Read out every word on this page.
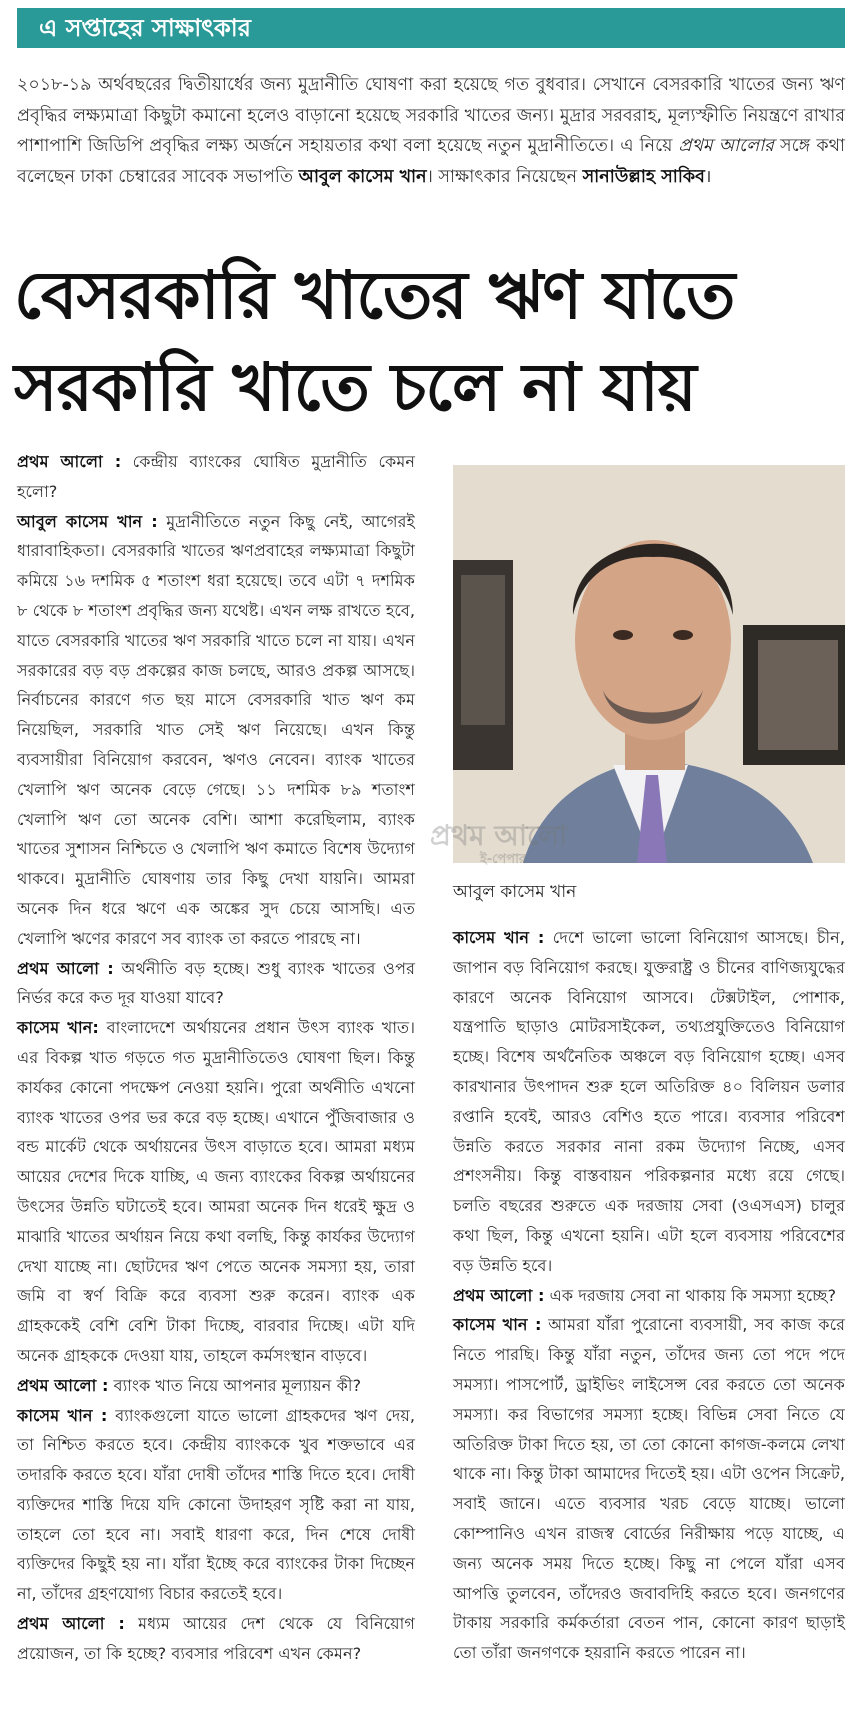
এ সপ্তাহের সাক্ষাৎকার
২০১৮-১৯ অর্থবছরের দ্বিতীয়ার্ধের জন্য মুদ্রানীতি ঘোষণা করা হয়েছে গত বুধবার। সেখানে বেসরকারি খাতের জন্য ঋণ প্রবৃদ্ধির লক্ষ্যমাত্রা কিছুটা কমানো হলেও বাড়ানো হয়েছে সরকারি খাতের জন্য। মুদ্রার সরবরাহ, মূল্যস্ফীতি নিয়ন্ত্রণে রাখার পাশাপাশি জিডিপি প্রবৃদ্ধির লক্ষ্য অর্জনে সহায়তার কথা বলা হয়েছে নতুন মুদ্রানীতিতে। এ নিয়ে প্রথম আলোর সঙ্গে কথা বলেছেন ঢাকা চেম্বারের সাবেক সভাপতি আবুল কাসেম খান। সাক্ষাৎকার নিয়েছেন সানাউল্লাহ সাকিব।
বেসরকারি খাতের ঋণ যাতে
সরকারি খাতে চলে না যায়

প্রথম আলো : কেন্দ্রীয় ব্যাংকের ঘোষিত মুদ্রানীতি কেমন হলো?

আবুল কাসেম খান : মুদ্রানীতিতে নতুন কিছু নেই, আগেরই ধারাবাহিকতা। বেসরকারি খাতের ঋণপ্রবাহের লক্ষ্যমাত্রা কিছুটা কমিয়ে ১৬ দশমিক ৫ শতাংশ ধরা হয়েছে। তবে এটা ৭ দশমিক ৮ থেকে ৮ শতাংশ প্রবৃদ্ধির জন্য যথেষ্ট। এখন লক্ষ রাখতে হবে, যাতে বেসরকারি খাতের ঋণ সরকারি খাতে চলে না যায়। এখন সরকারের বড় বড় প্রকল্পের কাজ চলছে, আরও প্রকল্প আসছে। নির্বাচনের কারণে গত ছয় মাসে বেসরকারি খাত ঋণ কম নিয়েছিল, সরকারি খাত সেই ঋণ নিয়েছে। এখন কিন্তু ব্যবসায়ীরা বিনিয়োগ করবেন, ঋণও নেবেন। ব্যাংক খাতের খেলাপি ঋণ অনেক বেড়ে গেছে। ১১ দশমিক ৮৯ শতাংশ খেলাপি ঋণ তো অনেক বেশি। আশা করেছিলাম, ব্যাংক খাতের সুশাসন নিশ্চিতে ও খেলাপি ঋণ কমাতে বিশেষ উদ্যোগ থাকবে। মুদ্রানীতি ঘোষণায় তার কিছু দেখা যায়নি। আমরা অনেক দিন ধরে ঋণে এক অঙ্কের সুদ চেয়ে আসছি। এত খেলাপি ঋণের কারণে সব ব্যাংক তা করতে পারছে না।

প্রথম আলো : অর্থনীতি বড় হচ্ছে। শুধু ব্যাংক খাতের ওপর নির্ভর করে কত দূর যাওয়া যাবে?

কাসেম খান: বাংলাদেশে অর্থায়নের প্রধান উৎস ব্যাংক খাত। এর বিকল্প খাত গড়তে গত মুদ্রানীতিতেও ঘোষণা ছিল। কিন্তু কার্যকর কোনো পদক্ষেপ নেওয়া হয়নি। পুরো অর্থনীতি এখনো ব্যাংক খাতের ওপর ভর করে বড় হচ্ছে। এখানে পুঁজিবাজার ও বন্ড মার্কেট থেকে অর্থায়নের উৎস বাড়াতে হবে। আমরা মধ্যম আয়ের দেশের দিকে যাচ্ছি, এ জন্য ব্যাংকের বিকল্প অর্থায়নের উৎসের উন্নতি ঘটাতেই হবে। আমরা অনেক দিন ধরেই ক্ষুদ্র ও মাঝারি খাতের অর্থায়ন নিয়ে কথা বলছি, কিন্তু কার্যকর উদ্যোগ দেখা যাচ্ছে না। ছোটদের ঋণ পেতে অনেক সমস্যা হয়, তারা জমি বা স্বর্ণ বিক্রি করে ব্যবসা শুরু করেন। ব্যাংক এক গ্রাহককেই বেশি বেশি টাকা দিচ্ছে, বারবার দিচ্ছে। এটা যদি অনেক গ্রাহককে দেওয়া যায়, তাহলে কর্মসংস্থান বাড়বে।

প্রথম আলো : ব্যাংক খাত নিয়ে আপনার মূল্যায়ন কী?

কাসেম খান : ব্যাংকগুলো যাতে ভালো গ্রাহকদের ঋণ দেয়, তা নিশ্চিত করতে হবে। কেন্দ্রীয় ব্যাংককে খুব শক্তভাবে এর তদারকি করতে হবে। যাঁরা দোষী তাঁদের শাস্তি দিতে হবে। দোষী ব্যক্তিদের শাস্তি দিয়ে যদি কোনো উদাহরণ সৃষ্টি করা না যায়, তাহলে তো হবে না। সবাই ধারণা করে, দিন শেষে দোষী ব্যক্তিদের কিছুই হয় না। যাঁরা ইচ্ছে করে ব্যাংকের টাকা দিচ্ছেন না, তাঁদের গ্রহণযোগ্য বিচার করতেই হবে।

প্রথম আলো : মধ্যম আয়ের দেশ থেকে যে বিনিয়োগ প্রয়োজন, তা কি হচ্ছে? ব্যবসার পরিবেশ এখন কেমন?

প্রথম আলো
ই-পেপার
আবুল কাসেম খান

কাসেম খান : দেশে ভালো ভালো বিনিয়োগ আসছে। চীন, জাপান বড় বিনিয়োগ করছে। যুক্তরাষ্ট্র ও চীনের বাণিজ্যযুদ্ধের কারণে অনেক বিনিয়োগ আসবে। টেক্সটাইল, পোশাক, যন্ত্রপাতি ছাড়াও মোটরসাইকেল, তথ্যপ্রযুক্তিতেও বিনিয়োগ হচ্ছে। বিশেষ অর্থনৈতিক অঞ্চলে বড় বিনিয়োগ হচ্ছে। এসব কারখানার উৎপাদন শুরু হলে অতিরিক্ত ৪০ বিলিয়ন ডলার রপ্তানি হবেই, আরও বেশিও হতে পারে। ব্যবসার পরিবেশ উন্নতি করতে সরকার নানা রকম উদ্যোগ নিচ্ছে, এসব প্রশংসনীয়। কিন্তু বাস্তবায়ন পরিকল্পনার মধ্যে রয়ে গেছে। চলতি বছরের শুরুতে এক দরজায় সেবা (ওএসএস) চালুর কথা ছিল, কিন্তু এখনো হয়নি। এটা হলে ব্যবসায় পরিবেশের বড় উন্নতি হবে।

প্রথম আলো : এক দরজায় সেবা না থাকায় কি সমস্যা হচ্ছে?

কাসেম খান : আমরা যাঁরা পুরোনো ব্যবসায়ী, সব কাজ করে নিতে পারছি। কিন্তু যাঁরা নতুন, তাঁদের জন্য তো পদে পদে সমস্যা। পাসপোর্ট, ড্রাইভিং লাইসেন্স বের করতে তো অনেক সমস্যা। কর বিভাগের সমস্যা হচ্ছে। বিভিন্ন সেবা নিতে যে অতিরিক্ত টাকা দিতে হয়, তা তো কোনো কাগজ-কলমে লেখা থাকে না। কিন্তু টাকা আমাদের দিতেই হয়। এটা ওপেন সিক্রেট, সবাই জানে। এতে ব্যবসার খরচ বেড়ে যাচ্ছে। ভালো কোম্পানিও এখন রাজস্ব বোর্ডের নিরীক্ষায় পড়ে যাচ্ছে, এ জন্য অনেক সময় দিতে হচ্ছে। কিছু না পেলে যাঁরা এসব আপত্তি তুলবেন, তাঁদেরও জবাবদিহি করতে হবে। জনগণের টাকায় সরকারি কর্মকর্তারা বেতন পান, কোনো কারণ ছাড়াই তো তাঁরা জনগণকে হয়রানি করতে পারেন না।
